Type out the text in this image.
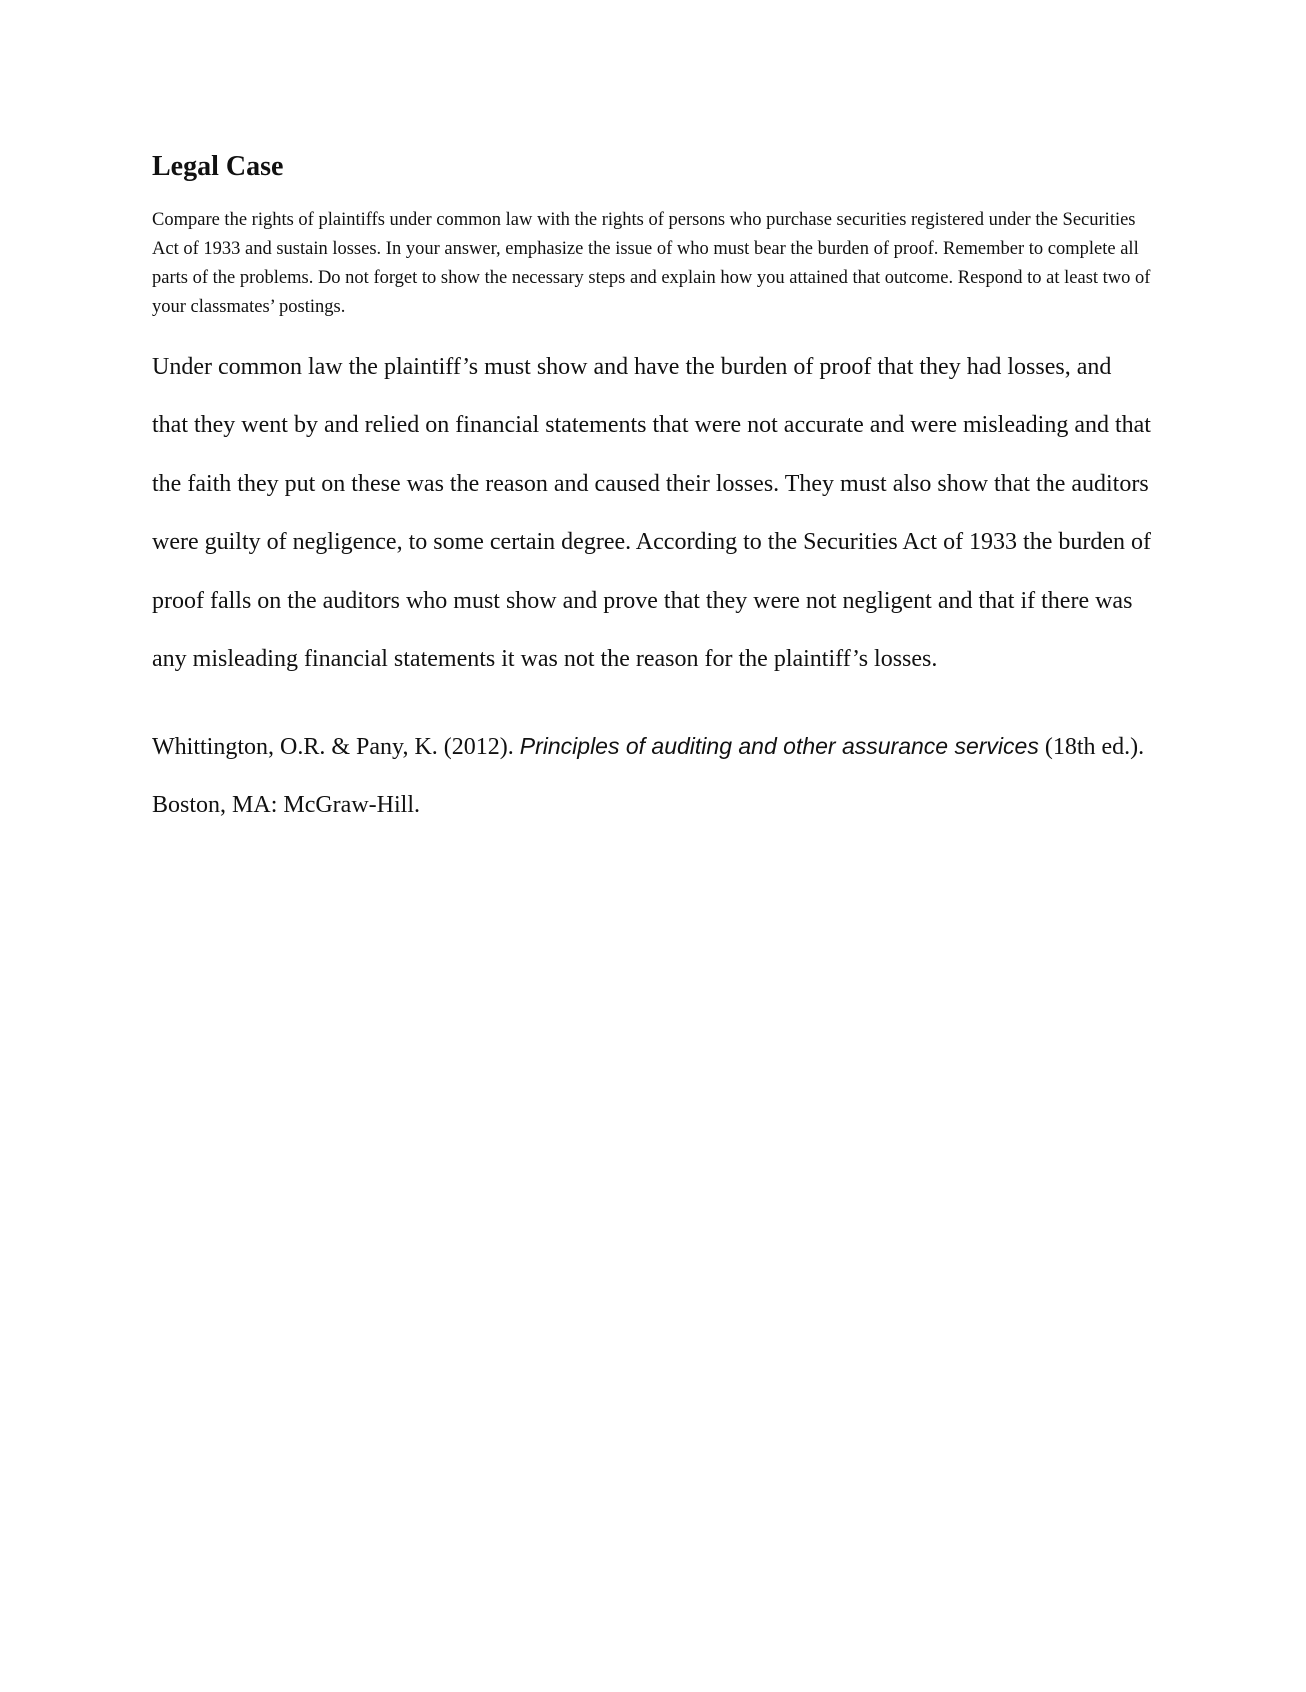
Legal Case

Compare the rights of plaintiffs under common law with the rights of persons who purchase securities registered under the Securities Act of 1933 and sustain losses. In your answer, emphasize the issue of who must bear the burden of proof. Remember to complete all parts of the problems. Do not forget to show the necessary steps and explain how you attained that outcome. Respond to at least two of your classmates’ postings.

Under common law the plaintiff’s must show and have the burden of proof that they had losses, and that they went by and relied on financial statements that were not accurate and were misleading and that the faith they put on these was the reason and caused their losses. They must also show that the auditors were guilty of negligence, to some certain degree. According to the Securities Act of 1933 the burden of proof falls on the auditors who must show and prove that they were not negligent and that if there was any misleading financial statements it was not the reason for the plaintiff’s losses.

Whittington, O.R. & Pany, K. (2012). Principles of auditing and other assurance services (18th ed.). Boston, MA: McGraw-Hill.
